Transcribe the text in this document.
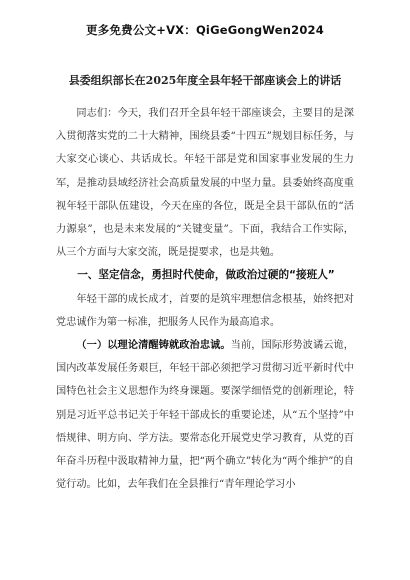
更多免费公文+VX：QiGeGongWen2024
县委组织部长在2025年度全县年轻干部座谈会上的讲话

同志们：今天，我们召开全县年轻干部座谈会，主要目的是深入贯彻落实党的二十大精神，围绕县委“十四五”规划目标任务，与大家交心谈心、共话成长。年轻干部是党和国家事业发展的生力军，是推动县域经济社会高质量发展的中坚力量。县委始终高度重视年轻干部队伍建设，今天在座的各位，既是全县干部队伍的“活力源泉”，也是未来发展的“关键变量”。下面，我结合工作实际，从三个方面与大家交流，既是提要求，也是共勉。

一、坚定信念，勇担时代使命，做政治过硬的“接班人”

年轻干部的成长成才，首要的是筑牢理想信念根基，始终把对党忠诚作为第一标准，把服务人民作为最高追求。

（一）以理论清醒铸就政治忠诚。当前，国际形势波谲云诡，国内改革发展任务艰巨，年轻干部必须把学习贯彻习近平新时代中国特色社会主义思想作为终身课题。要深学细悟党的创新理论，特别是习近平总书记关于年轻干部成长的重要论述，从“五个坚持”中悟规律、明方向、学方法。要常态化开展党史学习教育，从党的百年奋斗历程中汲取精神力量，把“两个确立”转化为“两个维护”的自觉行动。比如，去年我们在全县推行“青年理论学习小
